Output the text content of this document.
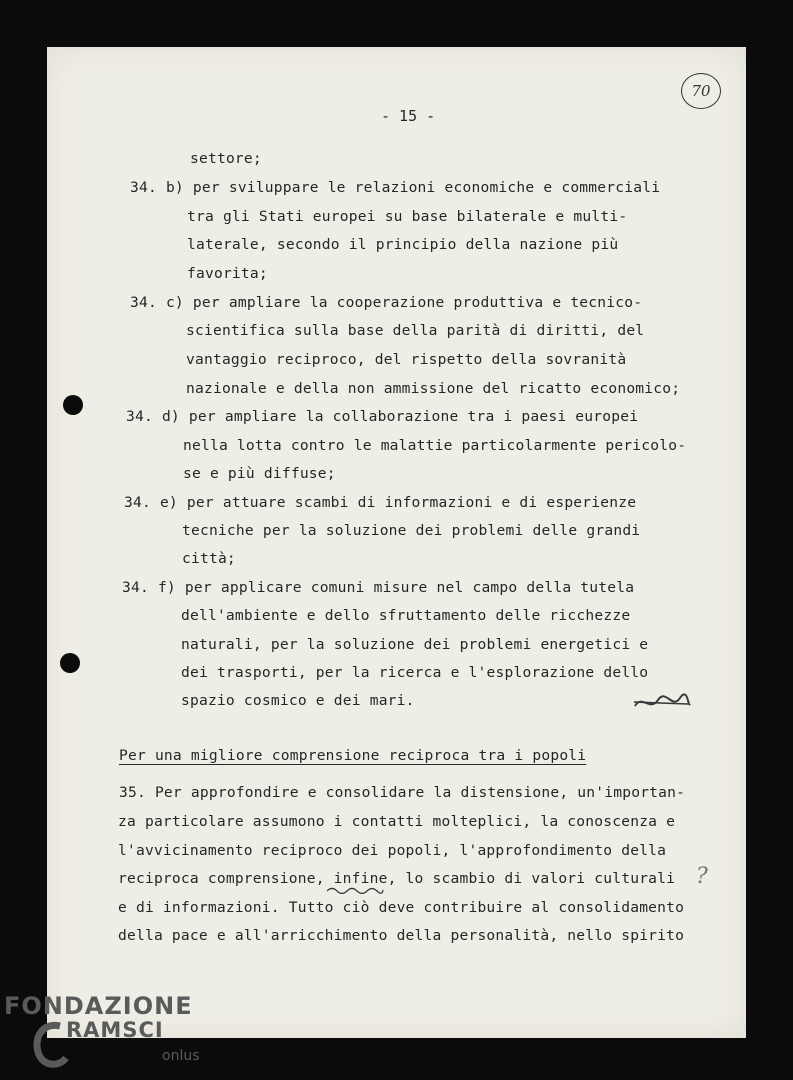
- 15 -
70
settore;
34. b) per sviluppare le relazioni economiche e commerciali
tra gli Stati europei su base bilaterale e multi-
laterale, secondo il principio della nazione più
favorita;
34. c) per ampliare la cooperazione produttiva e tecnico-
scientifica sulla base della parità di diritti, del
vantaggio reciproco, del rispetto della sovranità
nazionale e della non ammissione del ricatto economico;
34. d) per ampliare la collaborazione tra i paesi europei
nella lotta contro le malattie particolarmente pericolo-
se e più diffuse;
34. e) per attuare scambi di informazioni e di esperienze
tecniche per la soluzione dei problemi delle grandi
città;
34. f) per applicare comuni misure nel campo della tutela
dell'ambiente e dello sfruttamento delle ricchezze
naturali, per la soluzione dei problemi energetici e
dei trasporti, per la ricerca e l'esplorazione dello
spazio cosmico e dei mari.
Per una migliore comprensione reciproca tra i popoli
35. Per approfondire e consolidare la distensione, un'importan-
za particolare assumono i contatti molteplici, la conoscenza e
l'avvicinamento reciproco dei popoli, l'approfondimento della
reciproca comprensione, infine, lo scambio di valori culturali
e di informazioni. Tutto ciò deve contribuire al consolidamento
della pace e all'arricchimento della personalità, nello spirito
?
FONDAZIONE
RAMSCI
onlus
